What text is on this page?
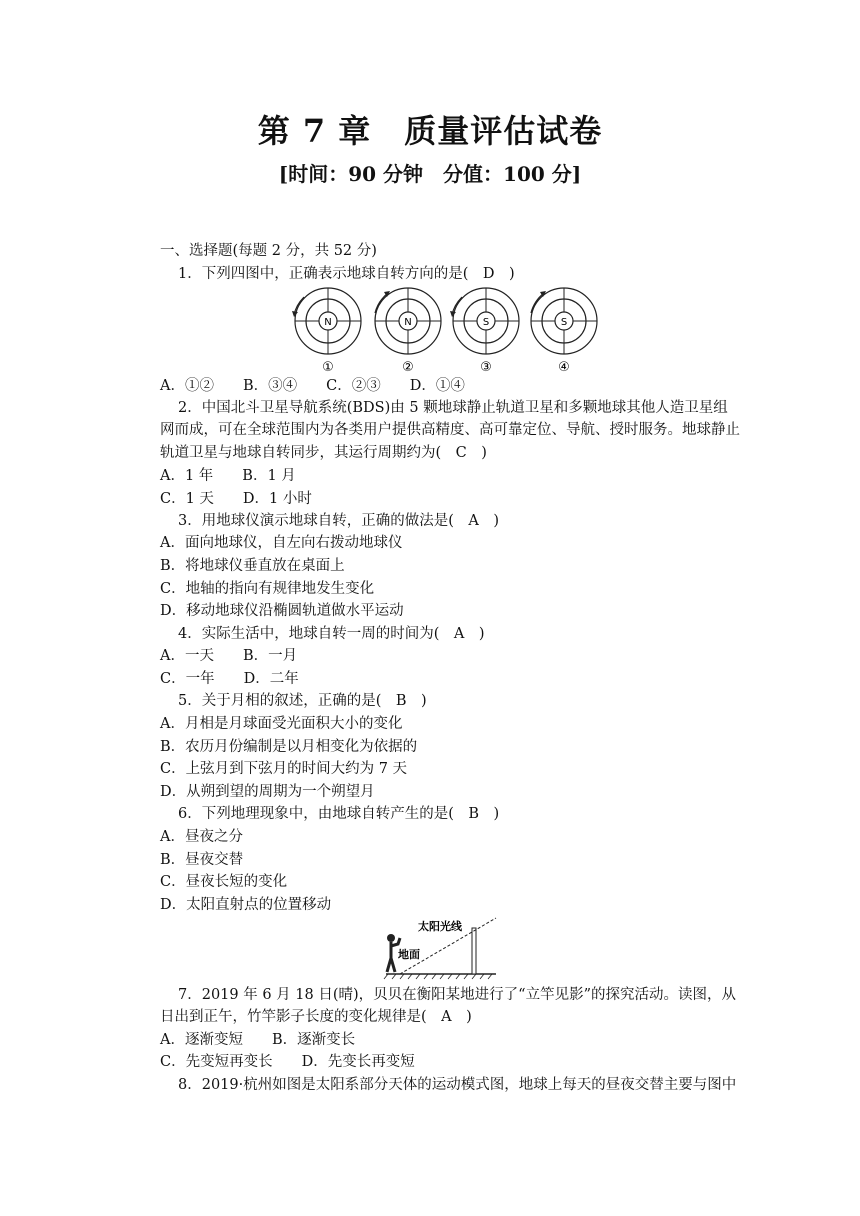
第 7 章　质量评估试卷
[时间：90 分钟　分值：100 分]
一、选择题(每题 2 分，共 52 分)
1．下列四图中，正确表示地球自转方向的是(　D　)
N
①
N
②
S
③
S
④
A．①②　　B．③④　　C．②③　　D．①④
2．中国北斗卫星导航系统(BDS)由 5 颗地球静止轨道卫星和多颗地球其他人造卫星组
网而成，可在全球范围内为各类用户提供高精度、高可靠定位、导航、授时服务。地球静止
轨道卫星与地球自转同步，其运行周期约为(　C　)
A．1 年　　B．1 月
C．1 天　　D．1 小时
3．用地球仪演示地球自转，正确的做法是(　A　)
A．面向地球仪，自左向右拨动地球仪
B．将地球仪垂直放在桌面上
C．地轴的指向有规律地发生变化
D．移动地球仪沿椭圆轨道做水平运动
4．实际生活中，地球自转一周的时间为(　A　)
A．一天　　B．一月
C．一年　　D．二年
5．关于月相的叙述，正确的是(　B　)
A．月相是月球面受光面积大小的变化
B．农历月份编制是以月相变化为依据的
C．上弦月到下弦月的时间大约为 7 天
D．从朔到望的周期为一个朔望月
6．下列地理现象中，由地球自转产生的是(　B　)
A．昼夜之分
B．昼夜交替
C．昼夜长短的变化
D．太阳直射点的位置移动
太阳光线
地面
7．2019 年 6 月 18 日(晴)，贝贝在衡阳某地进行了“立竿见影”的探究活动。读图，从
日出到正午，竹竿影子长度的变化规律是(　A　)
A．逐渐变短　　B．逐渐变长
C．先变短再变长　　D．先变长再变短
8．2019·杭州如图是太阳系部分天体的运动模式图，地球上每天的昼夜交替主要与图中
